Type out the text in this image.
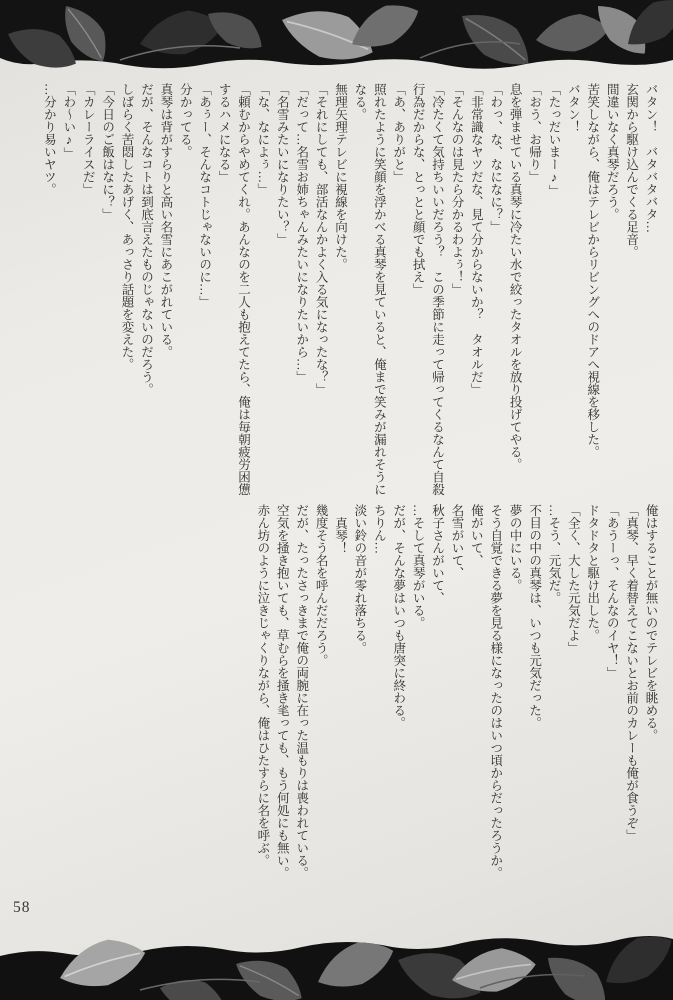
バタン！　バタバタバタ…

玄関から駆け込んでくる足音。

間違いなく真琴だろう。

苦笑しながら、俺はテレビからリビングへのドアへ視線を移した。

バタン！

「たっだいまー♪」

「おう、お帰り」

息を弾ませている真琴に冷たい水で絞ったタオルを放り投げてやる。

「わっ、な、なになに？」

「非常識なヤツだな、見て分からないか？　タオルだ」

「そんなのは見たら分かるわよぅ！」

「冷たくて気持ちいいだろう？　この季節に走って帰ってくるなんて自殺行為だからな、とっとと顔でも拭え」

「あ、ありがと」

照れたように笑顔を浮かべる真琴を見ていると、俺まで笑みが漏れそうになる。

無理矢理テレビに視線を向けた。

「それにしても、部活なんかよく入る気になったな？」

「だって…名雪お姉ちゃんみたいになりたいから…」

「名雪みたいになりたい？」

「な、なによぅ…」

「頼むからやめてくれ。あんなのを二人も抱えてたら、俺は毎朝疲労困憊するハメになる」

「あぅー、そんなコトじゃないのに…」

分かってる。

真琴は背がすらりと高い名雪にあこがれている。

だが、そんなコトは到底言えたものじゃないのだろう。

しばらく苦悶したあげく、あっさり話題を変えた。

「今日のご飯はなに？」

「カレーライスだ」

「わ〜い♪」

…分かり易いヤツ。

俺はすることが無いのでテレビを眺める。

「真琴、早く着替えてこないとお前のカレーも俺が食うぞ」

「あうーっ、そんなのイヤ！」

ドタドタと駆け出した。

「全く、大した元気だよ」

…そう、元気だ。

不目の中の真琴は、いつも元気だった。

夢の中にいる。

そう自覚できる夢を見る様になったのはいつ頃からだったろうか。

俺がいて、

名雪がいて、

秋子さんがいて、

…そして真琴がいる。

だが、そんな夢はいつも唐突に終わる。

ちりん…

淡い鈴の音が零れ落ちる。

真琴！

幾度そう名を呼んだだろう。

だが、たったさっきまで俺の両腕に在った温もりは喪われている。

空気を掻き抱いても、草むらを掻き毟っても、もう何処にも無い。

赤ん坊のように泣きじゃくりながら、俺はひたすらに名を呼ぶ。

58
